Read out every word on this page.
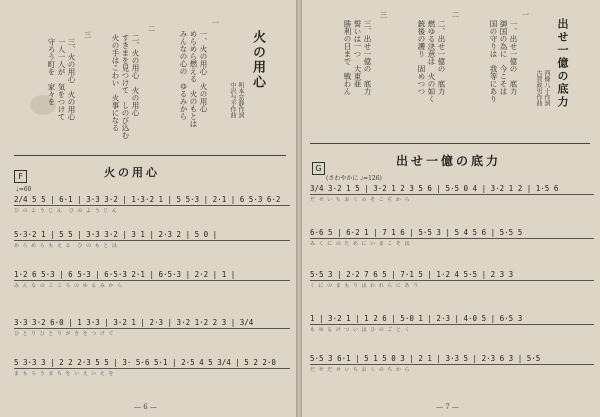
火の用心
明本京静作詞
中沢与平作曲
一
一、火の用心　火の用心
めらめら燃える　火のもとは
みんなの心の　ゆるみから
二
二、火の用心　火の用心
すきまを見つけて　しのび込む
火の手はこわい　火事になる
三
三、火の用心　火の用心
一人一人が　気をつけて
守ろう町を　家々を
火の用心
F
♩=60
2/4 5 5 | 6·1 | 3·3 3·2 | 1·3·2 1 | 5 5·3 | 2·1 | 6 5·3 6·2
ひ の よ う じ ん　ひ の よ う じ ん
5·3·2 1 | 5 5 | 3·3 3·2 | 3 1 | 2·3 2 | 5 0 |
め ら め ら も え る　ひ の も と は
1·2 6 5·3 | 6 5·3 | 6·5·3 2·1 | 6·5·3 | 2·2 | 1 |
み ん な の こ こ ろ の ゆ る み か ら
3·3 3·2 6·0 | 1 3·3 | 3·2 1 | 2·3 | 3·2 1·2 2 3 | 3/4
ひ と り ひ と り が き を つ け て
5 3·3 3 | 2 2 2·3 5 5 | 3· 5·6 5·1 | 2·5 4 5 3/4 | 5 2 2·0
ま も ろ う ま ち を い え い え を
— 6 —
出せ一億の底力
西條八十作詞
古賀政男作曲
一
一、出せ一億の　底力
御国の為に　今こそは
国の守りは　我等にあり
二
二、出せ一億の　底力
燃ゆる決意は　火の如く
銃後の護り　固めつつ
三
三、出せ一億の　底力
誓いは一つ　大東亜
勝利の日まで　戦わん
出せ一億の底力
G
(さわやかに ♩=126)
3/4 3·2 1 5 | 3·2 1 2 3 5 6 | 5·5 0 4 | 3·2 1 2 | 1·5 6
だ せ い ち お く の そ こ ぢ か ら
6·6 5 | 6·2 1 | 7 1 6 | 5·5 3 | 5 4 5 6 | 5·5 5
み く に の た め に い ま こ そ は
5·5 3 | 2·2 7 6 5 | 7·1 5 | 1·2 4 5·5 | 2 3 3
く に の ま も り は わ れ ら に あ り
1 | 3·2 1 | 1 2 6 | 5·0 1 | 2·3 | 4·0 5 | 6·5 3
も ゆ る け つ い は ひ の ご と く
5·5 3 6·1 | 5 1 5 0 3 | 2 1 | 3·3 5 | 2·3 6 3 | 5·5
だ せ だ せ い ち お く の ち か ら
— 7 —
